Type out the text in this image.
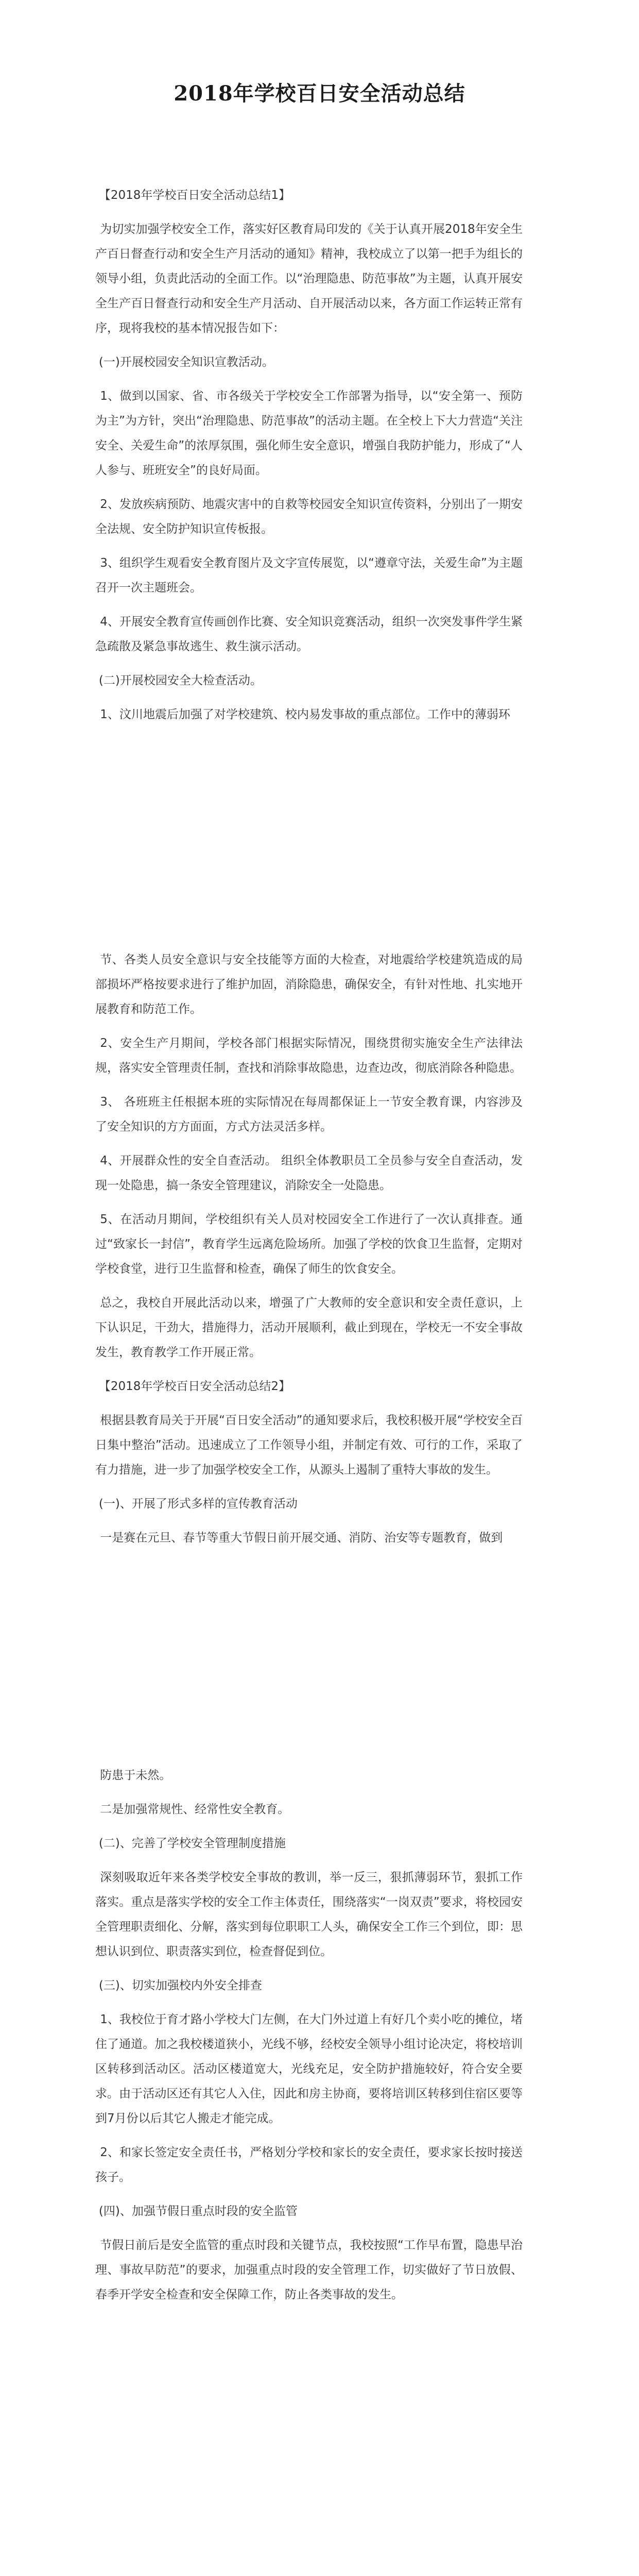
2018年学校百日安全活动总结

【2018年学校百日安全活动总结1】

为切实加强学校安全工作，落实好区教育局印发的《关于认真开展2018年安全生产百日督查行动和安全生产月活动的通知》精神，我校成立了以第一把手为组长的领导小组，负责此活动的全面工作。以“治理隐患、防范事故”为主题，认真开展安全生产百日督查行动和安全生产月活动、自开展活动以来，各方面工作运转正常有序，现将我校的基本情况报告如下：

(一)开展校园安全知识宣教活动。

1、做到以国家、省、市各级关于学校安全工作部署为指导，以“安全第一、预防为主”为方针，突出“治理隐患、防范事故”的活动主题。在全校上下大力营造“关注安全、关爱生命”的浓厚氛围，强化师生安全意识，增强自我防护能力，形成了“人人参与、班班安全”的良好局面。

2、发放疾病预防、地震灾害中的自救等校园安全知识宣传资料，分别出了一期安全法规、安全防护知识宣传板报。

3、组织学生观看安全教育图片及文字宣传展览，以“遵章守法，关爱生命”为主题召开一次主题班会。

4、开展安全教育宣传画创作比赛、安全知识竞赛活动，组织一次突发事件学生紧急疏散及紧急事故逃生、救生演示活动。

(二)开展校园安全大检查活动。

1、汶川地震后加强了对学校建筑、校内易发事故的重点部位。工作中的薄弱环

节、各类人员安全意识与安全技能等方面的大检查，对地震给学校建筑造成的局部损坏严格按要求进行了维护加固，消除隐患，确保安全，有针对性地、扎实地开展教育和防范工作。

2、安全生产月期间，学校各部门根据实际情况，围绕贯彻实施安全生产法律法规，落实安全管理责任制，查找和消除事故隐患，边查边改，彻底消除各种隐患。

3、 各班班主任根据本班的实际情况在每周都保证上一节安全教育课，内容涉及了安全知识的方方面面，方式方法灵活多样。

4、开展群众性的安全自查活动。 组织全体教职员工全员参与安全自查活动，发现一处隐患，搞一条安全管理建议，消除安全一处隐患。

5、在活动月期间，学校组织有关人员对校园安全工作进行了一次认真排查。通过“致家长一封信”，教育学生远离危险场所。加强了学校的饮食卫生监督，定期对学校食堂，进行卫生监督和检查，确保了师生的饮食安全。

总之，我校自开展此活动以来，增强了广大教师的安全意识和安全责任意识，上下认识足，干劲大，措施得力，活动开展顺利，截止到现在，学校无一不安全事故发生，教育教学工作开展正常。

【2018年学校百日安全活动总结2】

根据县教育局关于开展“百日安全活动”的通知要求后，我校积极开展“学校安全百日集中整治”活动。迅速成立了工作领导小组，并制定有效、可行的工作，采取了有力措施，进一步了加强学校安全工作，从源头上遏制了重特大事故的发生。

(一)、开展了形式多样的宣传教育活动

一是赛在元旦、春节等重大节假日前开展交通、消防、治安等专题教育，做到

防患于未然。

二是加强常规性、经常性安全教育。

(二)、完善了学校安全管理制度措施

深刻吸取近年来各类学校安全事故的教训，举一反三，狠抓薄弱环节，狠抓工作落实。重点是落实学校的安全工作主体责任，围绕落实“一岗双责”要求，将校园安全管理职责细化、分解，落实到每位职职工人头，确保安全工作三个到位，即：思想认识到位、职责落实到位，检查督促到位。

(三)、切实加强校内外安全排查

1、我校位于育才路小学校大门左侧，在大门外过道上有好几个卖小吃的摊位，堵住了通道。加之我校楼道狭小，光线不够，经校安全领导小组讨论决定，将校培训区转移到活动区。活动区楼道宽大，光线充足，安全防护措施较好，符合安全要求。由于活动区还有其它人入住，因此和房主协商，要将培训区转移到住宿区要等到7月份以后其它人搬走才能完成。

2、和家长签定安全责任书，严格划分学校和家长的安全责任，要求家长按时接送孩子。

(四)、加强节假日重点时段的安全监管

节假日前后是安全监管的重点时段和关键节点，我校按照“工作早布置，隐患早治理、事故早防范”的要求，加强重点时段的安全管理工作，切实做好了节日放假、春季开学安全检查和安全保障工作，防止各类事故的发生。
